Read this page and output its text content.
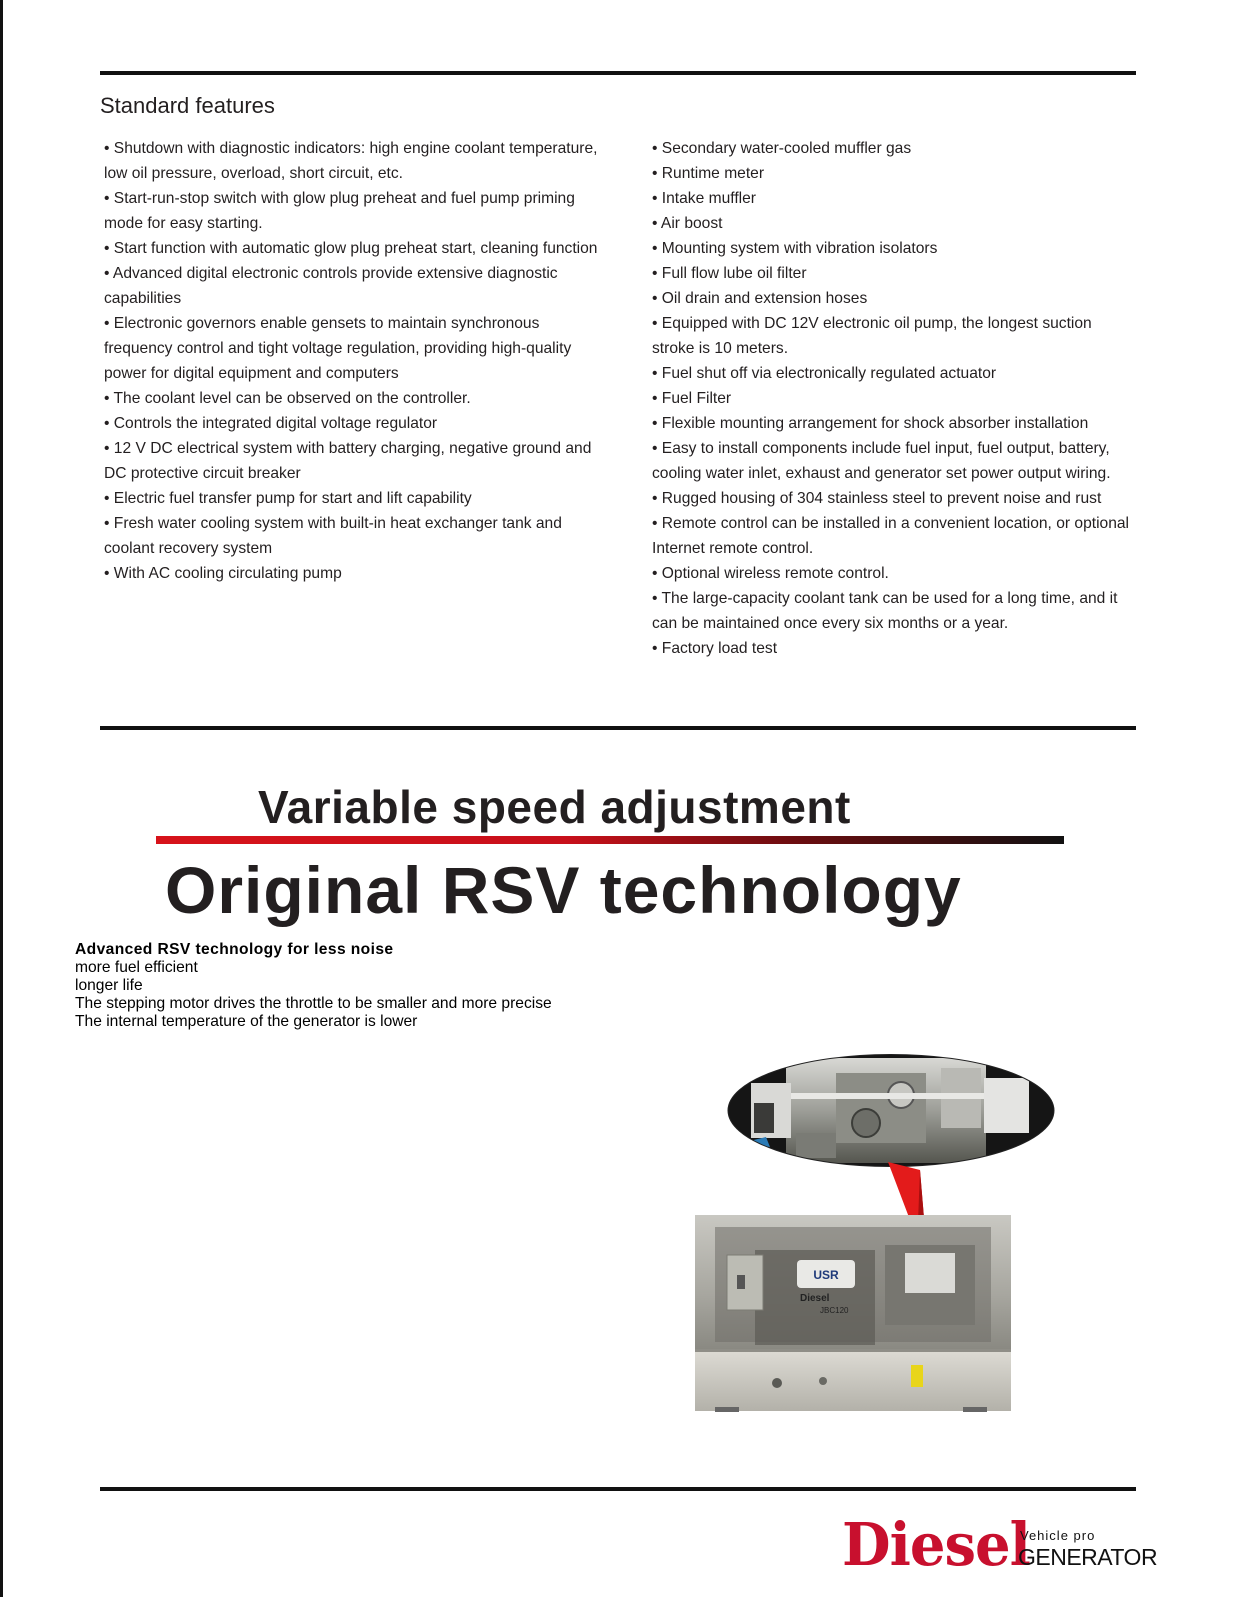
Standard features
• Shutdown with diagnostic indicators: high engine coolant temperature, low oil pressure, overload, short circuit, etc.
• Start-run-stop switch with glow plug preheat and fuel pump priming mode for easy starting.
• Start function with automatic glow plug preheat start, cleaning function
• Advanced digital electronic controls provide extensive diagnostic capabilities
• Electronic governors enable gensets to maintain synchronous frequency control and tight voltage regulation, providing high-quality power for digital equipment and computers
• The coolant level can be observed on the controller.
• Controls the integrated digital voltage regulator
• 12 V DC electrical system with battery charging, negative ground and DC protective circuit breaker
• Electric fuel transfer pump for start and lift capability
• Fresh water cooling system with built-in heat exchanger tank and coolant recovery system
• With AC cooling circulating pump
• Secondary water-cooled muffler gas
• Runtime meter
• Intake muffler
• Air boost
• Mounting system with vibration isolators
• Full flow lube oil filter
• Oil drain and extension hoses
• Equipped with DC 12V electronic oil pump, the longest suction stroke is 10 meters.
• Fuel shut off via electronically regulated actuator
• Fuel Filter
• Flexible mounting arrangement for shock absorber installation
• Easy to install components include fuel input, fuel output, battery, cooling water inlet, exhaust and generator set power output wiring.
• Rugged housing of 304 stainless steel to prevent noise and rust
• Remote control can be installed in a convenient location, or optional Internet remote control.
• Optional wireless remote control.
• The large-capacity coolant tank can be used for a long time, and it can be maintained once every six months or a year.
• Factory load test
Variable speed adjustment
Original RSV technology
Advanced RSV technology for less noise
more fuel efficient
longer life
The stepping motor drives the throttle to be smaller and more precise
The internal temperature of the generator is lower
USR
Diesel
JBC120
Diesel
Vehicle pro
GENERATOR
